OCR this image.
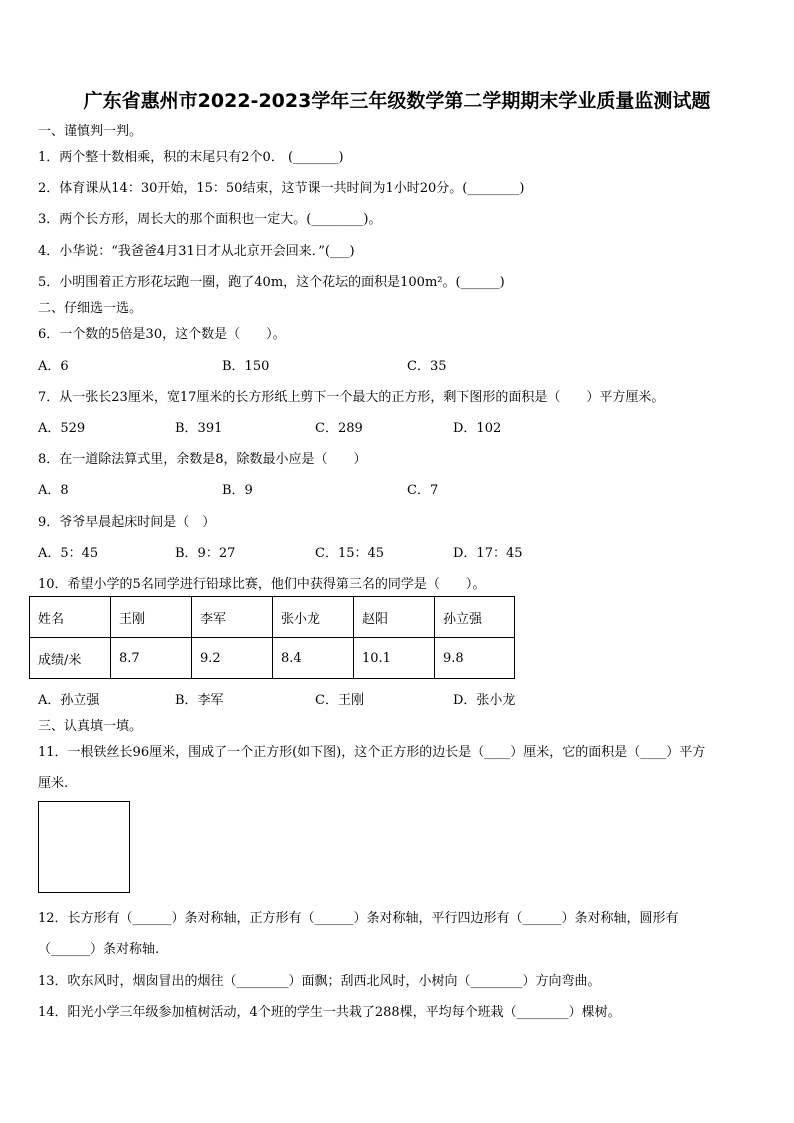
广东省惠州市2022-2023学年三年级数学第二学期期末学业质量监测试题
一、谨慎判一判。
1．两个整十数相乘，积的末尾只有2个0． (_______)
2．体育课从14：30开始，15：50结束，这节课一共时间为1小时20分。(________)
3．两个长方形，周长大的那个面积也一定大。(________)。
4．小华说：“我爸爸4月31日才从北京开会回来．”(___)
5．小明围着正方形花坛跑一圈，跑了40m，这个花坛的面积是100m²。(______)
二、仔细选一选。
6．一个数的5倍是30，这个数是（　　）。
A．6	B．150	C．35
7．从一张长23厘米，宽17厘米的长方形纸上剪下一个最大的正方形，剩下图形的面积是（　　）平方厘米。
A．529	B．391	C．289	D．102
8．在一道除法算式里，余数是8，除数最小应是（　　）
A．8	B．9	C．7
9．爷爷早晨起床时间是（　）
A．5：45	B．9：27	C．15：45	D．17：45
10．希望小学的5名同学进行铅球比赛，他们中获得第三名的同学是（　　）。
姓名	王刚	李军	张小龙	赵阳	孙立强
成绩/米	8.7	9.2	8.4	10.1	9.8
A．孙立强	B．李军	C．王刚	D．张小龙
三、认真填一填。
11．一根铁丝长96厘米，围成了一个正方形(如下图)，这个正方形的边长是（____）厘米，它的面积是（____）平方
厘米.
12．长方形有（______）条对称轴，正方形有（______）条对称轴，平行四边形有（______）条对称轴，圆形有
（______）条对称轴.
13．吹东风时，烟囱冒出的烟往（________）面飘；刮西北风时，小树向（________）方向弯曲。
14．阳光小学三年级参加植树活动，4个班的学生一共栽了288棵，平均每个班栽（________）棵树。
